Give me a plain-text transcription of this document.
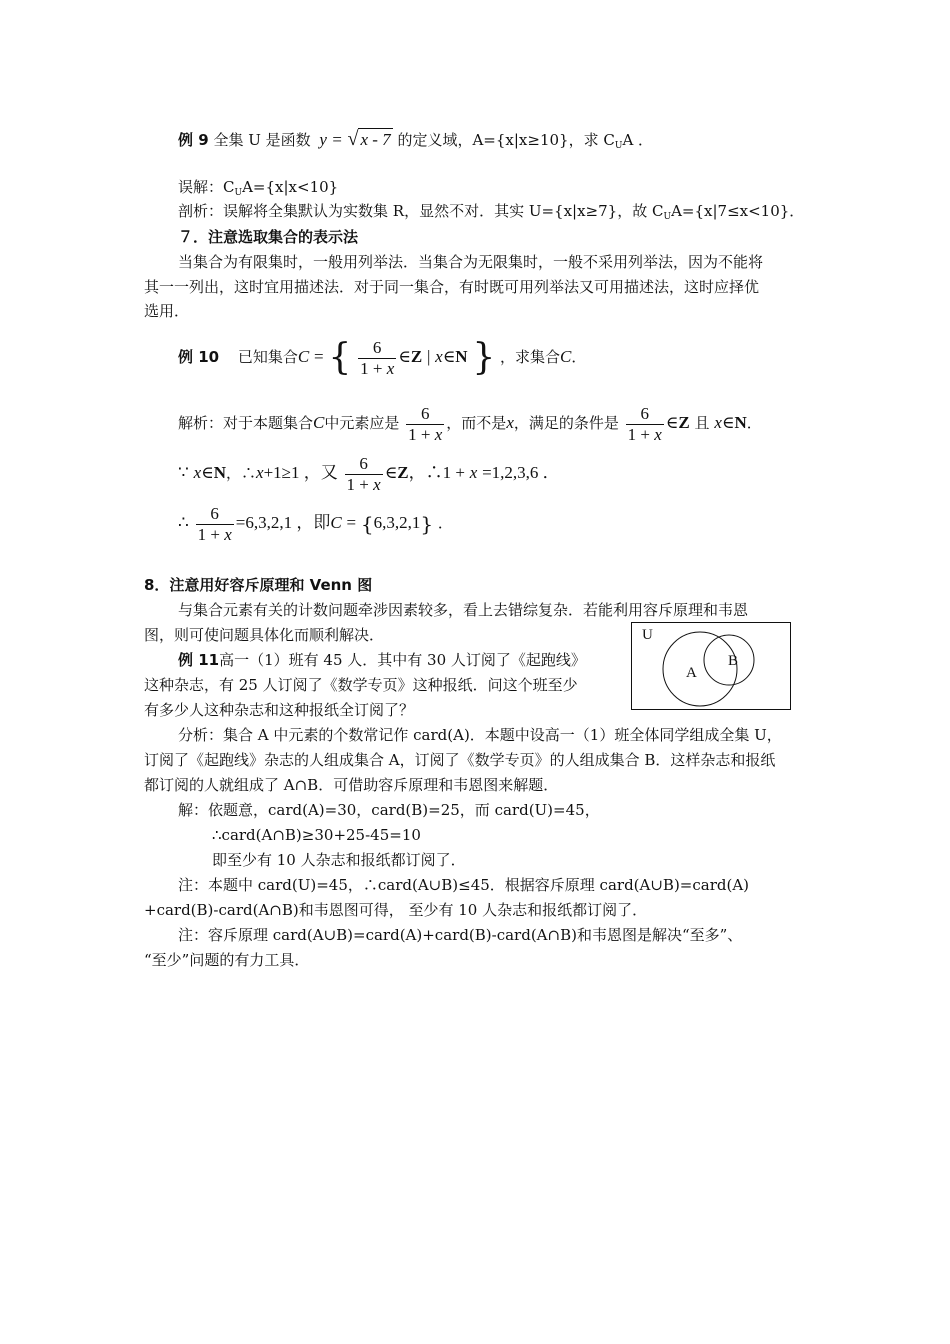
例 9 全集 U 是函数 y = √ x - 7 的定义域，A={x|x≥10}，求 $C_UA$ ．
误解：$C_UA=\{x|x<10\}$
剖析：误解将全集默认为实数集 R，显然不对．其实 U={x|x≥7}，故 $C_UA=\{x|7\le x<10\}$．
７．注意选取集合的表示法
当集合为有限集时，一般用列举法．当集合为无限集时，一般不采用列举法，因为不能将
其一一列出，这时宜用描述法．对于同一集合，有时既可用列举法又可用描述法，这时应择优
选用．
例 10 已知集合C = { $\frac{6}{1 + x}$ ∈Z | x∈N } ，求集合C．
解析：对于本题集合C中元素应是 $\frac{6}{1 + x}$ ，而不是x，满足的条件是 $\frac{6}{1 + x}$ ∈Z 且 x∈N．
∵ x∈N，∴x+1≥1 ，又 $\frac{6}{1 + x}$ ∈Z，∴1 + x =1,2,3,6 ．
∴ $\frac{6}{1 + x} =6,3,2,1$ ，即C = {6,3,2,1} ．
8．注意用好容斥原理和 Venn 图
与集合元素有关的计数问题牵涉因素较多，看上去错综复杂．若能利用容斥原理和韦恩
图，则可使问题具体化而顺利解决．
例 11高一（1）班有 45 人．其中有 30 人订阅了《起跑线》
这种杂志，有 25 人订阅了《数学专页》这种报纸．问这个班至少
有多少人这种杂志和这种报纸全订阅了？
U
A
B
分析：集合 A 中元素的个数常记作 card(A)．本题中设高一（1）班全体同学组成全集 U，
订阅了《起跑线》杂志的人组成集合 A，订阅了《数学专页》的人组成集合 B．这样杂志和报纸
都订阅的人就组成了 A∩B．可借助容斥原理和韦恩图来解题．
解：依题意，card(A)=30，card(B)=25，而 card(U)=45，
∴card(A∩B)≥30+25-45=10
即至少有 10 人杂志和报纸都订阅了．
注：本题中 card(U)=45，∴card(A∪B)≤45．根据容斥原理 card(A∪B)=card(A)
+card(B)-card(A∩B)和韦恩图可得， 至少有 10 人杂志和报纸都订阅了．
注：容斥原理 card(A∪B)=card(A)+card(B)-card(A∩B)和韦恩图是解决“至多”、
“至少”问题的有力工具．
